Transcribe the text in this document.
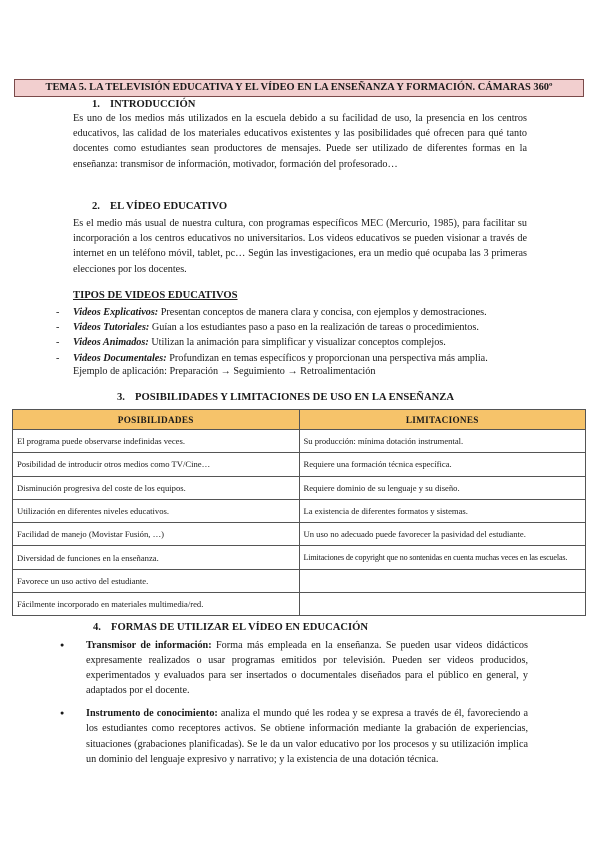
TEMA 5. LA TELEVISIÓN EDUCATIVA Y EL VÍDEO EN LA ENSEÑANZA Y FORMACIÓN. CÁMARAS 360º
1. INTRODUCCIÓN
Es uno de los medios más utilizados en la escuela debido a su facilidad de uso, la presencia en los centros educativos, las calidad de los materiales educativos existentes y las posibilidades qué ofrecen para qué tanto docentes como estudiantes sean productores de mensajes. Puede ser utilizado de diferentes formas en la enseñanza: transmisor de información, motivador, formación del profesorado…
2. EL VÍDEO EDUCATIVO
Es el medio más usual de nuestra cultura, con programas específicos MEC (Mercurio, 1985), para facilitar su incorporación a los centros educativos no universitarios. Los videos educativos se pueden visionar a través de internet en un teléfono móvil, tablet, pc… Según las investigaciones, era un medio qué ocupaba las 3 primeras elecciones por los docentes.
TIPOS DE VIDEOS EDUCATIVOS
- Videos Explicativos: Presentan conceptos de manera clara y concisa, con ejemplos y demostraciones.
- Videos Tutoriales: Guían a los estudiantes paso a paso en la realización de tareas o procedimientos.
- Videos Animados: Utilizan la animación para simplificar y visualizar conceptos complejos.
- Videos Documentales: Profundizan en temas específicos y proporcionan una perspectiva más amplia.
Ejemplo de aplicación: Preparación → Seguimiento → Retroalimentación
3. POSIBILIDADES Y LIMITACIONES DE USO EN LA ENSEÑANZA
POSIBILIDADES	LIMITACIONES
El programa puede observarse indefinidas veces.	Su producción: mínima dotación instrumental.
Posibilidad de introducir otros medios como TV/Cine…	Requiere una formación técnica específica.
Disminución progresiva del coste de los equipos.	Requiere dominio de su lenguaje y su diseño.
Utilización en diferentes niveles educativos.	La existencia de diferentes formatos y sistemas.
Facilidad de manejo (Movistar Fusión, …)	Un uso no adecuado puede favorecer la pasividad del estudiante.
Diversidad de funciones en la enseñanza.	Limitaciones de copyright que no sontenidas en cuenta muchas veces en las escuelas.
Favorece un uso activo del estudiante.	
Fácilmente incorporado en materiales multimedia/red.	
4. FORMAS DE UTILIZAR EL VÍDEO EN EDUCACIÓN
● Transmisor de información: Forma más empleada en la enseñanza. Se pueden usar videos didácticos expresamente realizados o usar programas emitidos por televisión. Pueden ser videos producidos, experimentados y evaluados para ser insertados o documentales diseñados para el público en general, y adaptados por el docente.
● Instrumento de conocimiento: analiza el mundo qué les rodea y se expresa a través de él, favoreciendo a los estudiantes como receptores activos. Se obtiene información mediante la grabación de experiencias, situaciones (grabaciones planificadas). Se le da un valor educativo por los procesos y su utilización implica un dominio del lenguaje expresivo y narrativo; y la existencia de una dotación técnica.
